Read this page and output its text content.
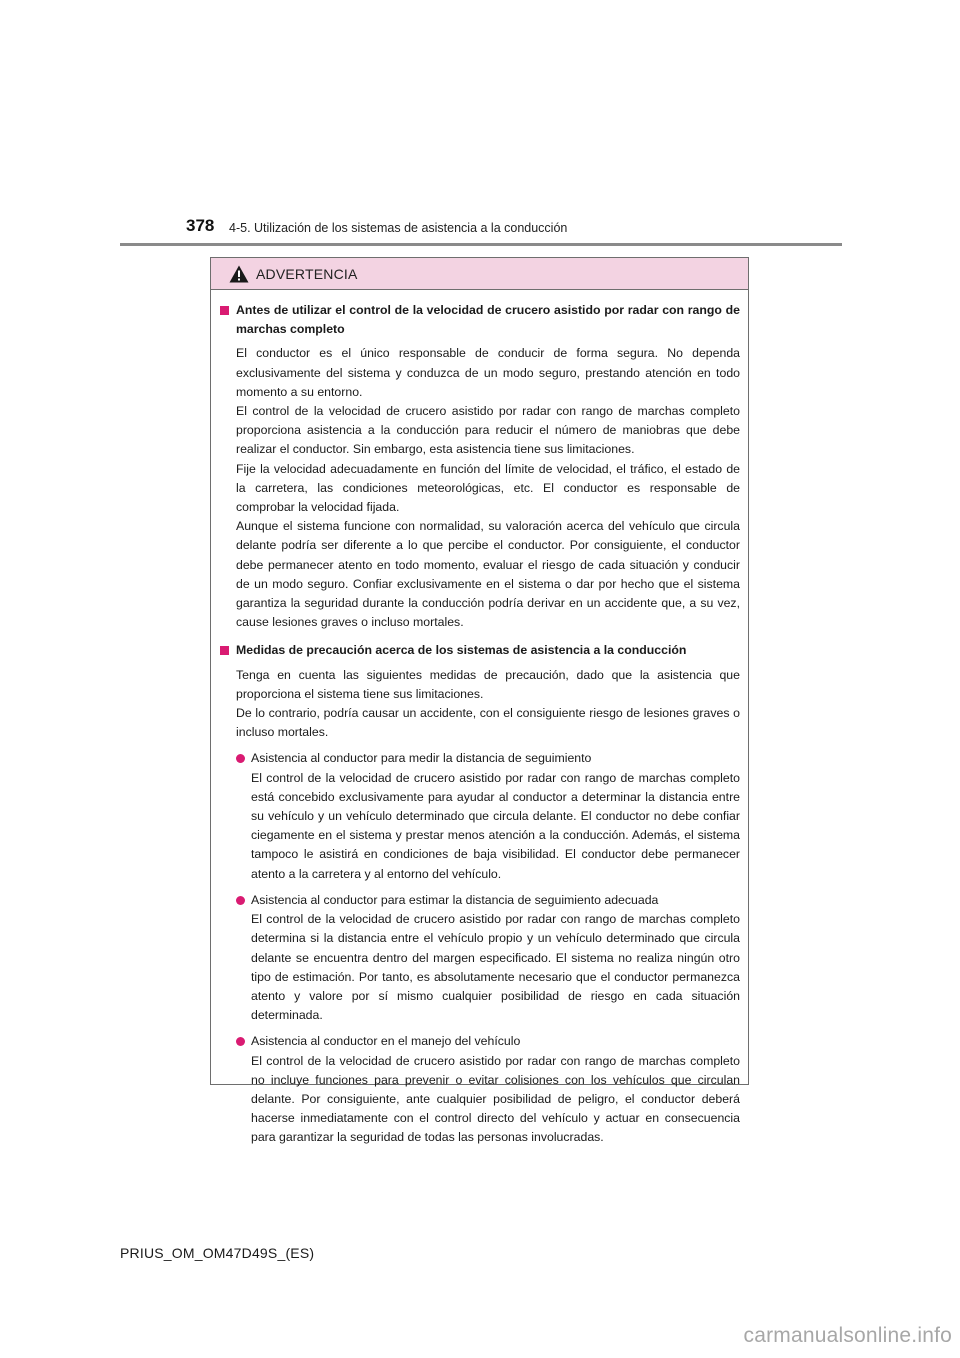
378 4-5. Utilización de los sistemas de asistencia a la conducción
ADVERTENCIA
Antes de utilizar el control de la velocidad de crucero asistido por radar con rango de marchas completo
El conductor es el único responsable de conducir de forma segura. No dependa exclusivamente del sistema y conduzca de un modo seguro, prestando atención en todo momento a su entorno.
El control de la velocidad de crucero asistido por radar con rango de marchas completo proporciona asistencia a la conducción para reducir el número de maniobras que debe realizar el conductor. Sin embargo, esta asistencia tiene sus limitaciones.
Fije la velocidad adecuadamente en función del límite de velocidad, el tráfico, el estado de la carretera, las condiciones meteorológicas, etc. El conductor es responsable de comprobar la velocidad fijada.
Aunque el sistema funcione con normalidad, su valoración acerca del vehículo que circula delante podría ser diferente a lo que percibe el conductor. Por consiguiente, el conductor debe permanecer atento en todo momento, evaluar el riesgo de cada situación y conducir de un modo seguro. Confiar exclusivamente en el sistema o dar por hecho que el sistema garantiza la seguridad durante la conducción podría derivar en un accidente que, a su vez, cause lesiones graves o incluso mortales.
Medidas de precaución acerca de los sistemas de asistencia a la conducción
Tenga en cuenta las siguientes medidas de precaución, dado que la asistencia que proporciona el sistema tiene sus limitaciones.
De lo contrario, podría causar un accidente, con el consiguiente riesgo de lesiones graves o incluso mortales.
Asistencia al conductor para medir la distancia de seguimiento
El control de la velocidad de crucero asistido por radar con rango de marchas completo está concebido exclusivamente para ayudar al conductor a determinar la distancia entre su vehículo y un vehículo determinado que circula delante. El conductor no debe confiar ciegamente en el sistema y prestar menos atención a la conducción. Además, el sistema tampoco le asistirá en condiciones de baja visibilidad. El conductor debe permanecer atento a la carretera y al entorno del vehículo.
Asistencia al conductor para estimar la distancia de seguimiento adecuada
El control de la velocidad de crucero asistido por radar con rango de marchas completo determina si la distancia entre el vehículo propio y un vehículo determinado que circula delante se encuentra dentro del margen especificado. El sistema no realiza ningún otro tipo de estimación. Por tanto, es absolutamente necesario que el conductor permanezca atento y valore por sí mismo cualquier posibilidad de riesgo en cada situación determinada.
Asistencia al conductor en el manejo del vehículo
El control de la velocidad de crucero asistido por radar con rango de marchas completo no incluye funciones para prevenir o evitar colisiones con los vehículos que circulan delante. Por consiguiente, ante cualquier posibilidad de peligro, el conductor deberá hacerse inmediatamente con el control directo del vehículo y actuar en consecuencia para garantizar la seguridad de todas las personas involucradas.
PRIUS_OM_OM47D49S_(ES)
carmanualsonline.info
